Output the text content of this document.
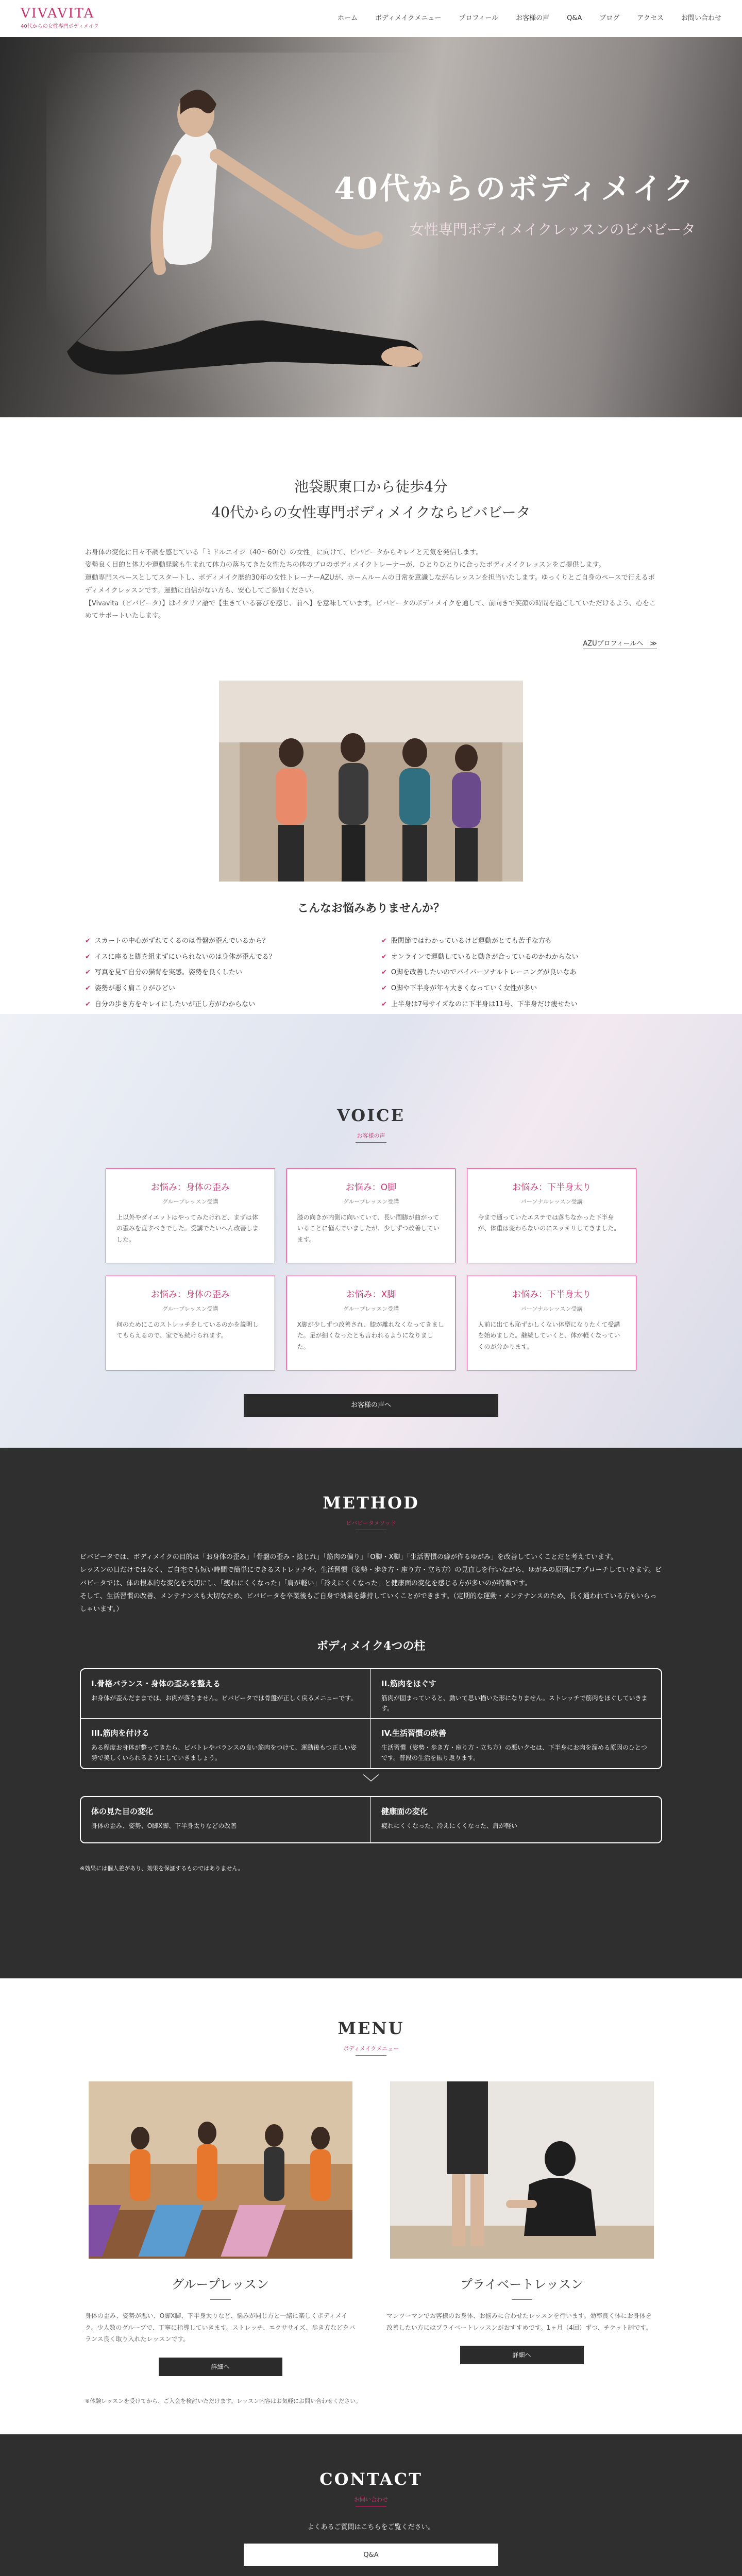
VIVAVITA
40代からの女性専門ボディメイク
ホーム	ボディメイクメニュー	プロフィール	お客様の声	Q&A	ブログ	アクセス	お問い合わせ
40代からのボディメイク

女性専門ボディメイクレッスンのビバビータ

池袋駅東口から徒歩4分
40代からの女性専門ボディメイクならビバビータ

お身体の変化に日々不調を感じている「ミドルエイジ（40〜60代）の女性」に向けて、ビバビータからキレイと元気を発信します。

姿勢良く目的と体力や運動経験も生まれて体力の落ちてきた女性たちの体のプロのボディメイクトレーナーが、ひとりひとりに合ったボディメイクレッスンをご提供します。

運動専門スペースとしてスタートし、ボディメイク歴約30年の女性トレーナーAZUが、ホームルームの日常を意識しながらレッスンを担当いたします。ゆっくりとご自身のペースで行えるボディメイクレッスンです。運動に自信がない方も、安心してご参加ください。

【Vivavita（ビバビータ）】はイタリア語で【生きている喜びを感じ、前へ】を意味しています。ビバビータのボディメイクを通して、前向きで笑顔の時間を過ごしていただけるよう、心をこめてサポートいたします。

AZUプロフィールへ　≫
こんなお悩みありませんか？
✔ スカートの中心がずれてくるのは骨盤が歪んでいるから？
✔ イスに座ると脚を組まずにいられないのは身体が歪んでる？
✔ 写真を見て自分の猫背を実感。姿勢を良くしたい
✔ 姿勢が悪く肩こりがひどい
✔ 自分の歩き方をキレイにしたいが正し方がわからない
✔ 股関節ではわかっているけど運動がとても苦手な方も
✔ オンラインで運動していると動きが合っているのかわからない
✔ O脚を改善したいのでバイパーソナルトレーニングが良いなあ
✔ O脚や下半身が年々大きくなっていく女性が多い
✔ 上半身は7号サイズなのに下半身は11号、下半身だけ痩せたい
VOICE
お客様の声
お悩み：身体の歪み
グループレッスン受講

上以外やダイエットはやってみたけれど、まずは体の歪みを直すべきでした。受講でたいへん改善しました。

お悩み：O脚
グループレッスン受講

膝の向きが内側に向いていて、長い間脚が曲がっていることに悩んでいましたが、少しずつ改善しています。

お悩み：下半身太り
パーソナルレッスン受講

今まで通っていたエステでは落ちなかった下半身が、体重は変わらないのにスッキリしてきました。

お悩み：身体の歪み
グループレッスン受講

何のためにこのストレッチをしているのかを説明してもらえるので、家でも続けられます。

お悩み：X脚
グループレッスン受講

X脚が少しずつ改善され、膝が離れなくなってきました。足が細くなったとも言われるようになりました。

お悩み：下半身太り
パーソナルレッスン受講

人前に出ても恥ずかしくない体型になりたくて受講を始めました。継続していくと、体が軽くなっていくのが分かります。

お客様の声へ
METHOD
ビバビータメソッド

ビバビータでは、ボディメイクの目的は「お身体の歪み」「骨盤の歪み・捻じれ」「筋肉の偏り」「O脚・X脚」「生活習慣の癖が作るゆがみ」を改善していくことだと考えています。

レッスンの日だけではなく、ご自宅でも短い時間で簡単にできるストレッチや、生活習慣（姿勢・歩き方・座り方・立ち方）の見直しを行いながら、ゆがみの原因にアプローチしていきます。ビバビータでは、体の根本的な変化を大切にし、「痩れにくくなった」「肩が軽い」「冷えにくくなった」と健康面の変化を感じる方が多いのが特徴です。

そして、生活習慣の改善、メンテナンスも大切なため、ビバビータを卒業後もご自身で効果を維持していくことができます。（定期的な運動・メンテナンスのため、長く通われている方もいらっしゃいます。）

ボディメイク4つの柱
I.骨格バランス・身体の歪みを整える

お身体が歪んだままでは、お肉が落ちません。ビバビータでは骨盤が正しく戻るメニューです。

II.筋肉をほぐす

筋肉が固まっていると、動いて思い描いた形になりません。ストレッチで筋肉をほぐしていきます。

III.筋肉を付ける

ある程度お身体が整ってきたら、ピバトレやバランスの良い筋肉をつけて、運動後もつ正しい姿勢で美しくいられるようにしていきましょう。

IV.生活習慣の改善

生活習慣（姿勢・歩き方・座り方・立ち方）の悪いクセは、下半身にお肉を溜める原因のひとつです。普段の生活を振り返ります。

﹀
体の見た目の変化

身体の歪み、姿勢、O脚X脚、下半身太りなどの改善

健康面の変化

疲れにくくなった、冷えにくくなった、肩が軽い

※効果には個人差があり、効果を保証するものではありません。

MENU
ボディメイクメニュー
グループレッスン

身体の歪み、姿勢が悪い、O脚X脚、下半身太りなど、悩みが同じ方と一緒に楽しくボディメイク。少人数のグループで、丁寧に指導していきます。ストレッチ、エクササイズ、歩き方などをバランス良く取り入れたレッスンです。

詳細へ
プライベートレッスン

マンツーマンでお客様のお身体、お悩みに合わせたレッスンを行います。効率良く体にお身体を改善したい方にはプライベートレッスンがおすすめです。1ヶ月（4回）ずつ、チケット制です。

詳細へ

※体験レッスンを受けてから、ご入会を検討いただけます。レッスン内容はお気軽にお問い合わせください。

CONTACT
お問い合わせ

よくあるご質問はこちらをご覧ください。

Q&A
